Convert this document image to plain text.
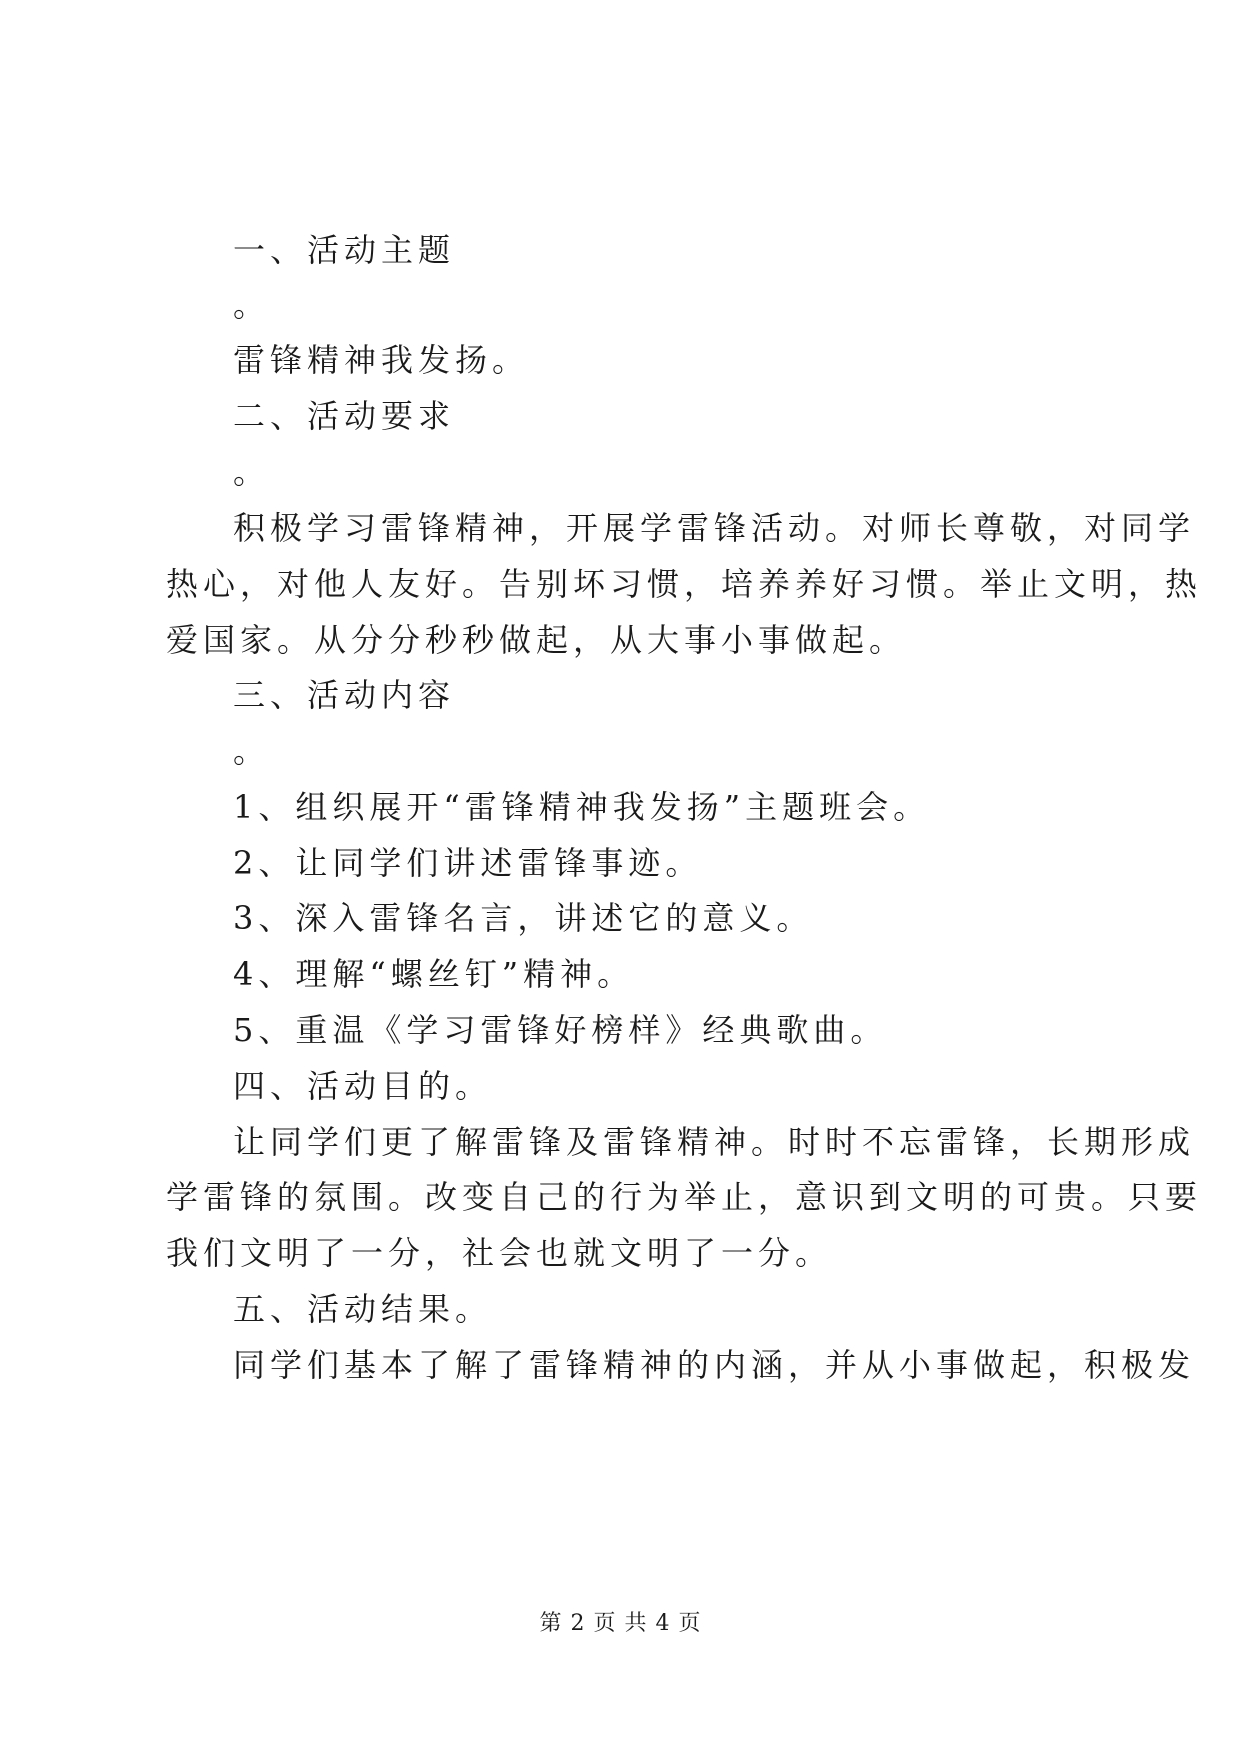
一、活动主题
。
雷锋精神我发扬。
二、活动要求
。
积极学习雷锋精神，开展学雷锋活动。对师长尊敬，对同学
热心，对他人友好。告别坏习惯，培养养好习惯。举止文明，热
爱国家。从分分秒秒做起，从大事小事做起。
三、活动内容
。
1、组织展开“雷锋精神我发扬”主题班会。
2、让同学们讲述雷锋事迹。
3、深入雷锋名言，讲述它的意义。
4、理解“螺丝钉”精神。
5、重温《学习雷锋好榜样》经典歌曲。
四、活动目的。
让同学们更了解雷锋及雷锋精神。时时不忘雷锋，长期形成
学雷锋的氛围。改变自己的行为举止，意识到文明的可贵。只要
我们文明了一分，社会也就文明了一分。
五、活动结果。
同学们基本了解了雷锋精神的内涵，并从小事做起，积极发
第 2 页 共 4 页
